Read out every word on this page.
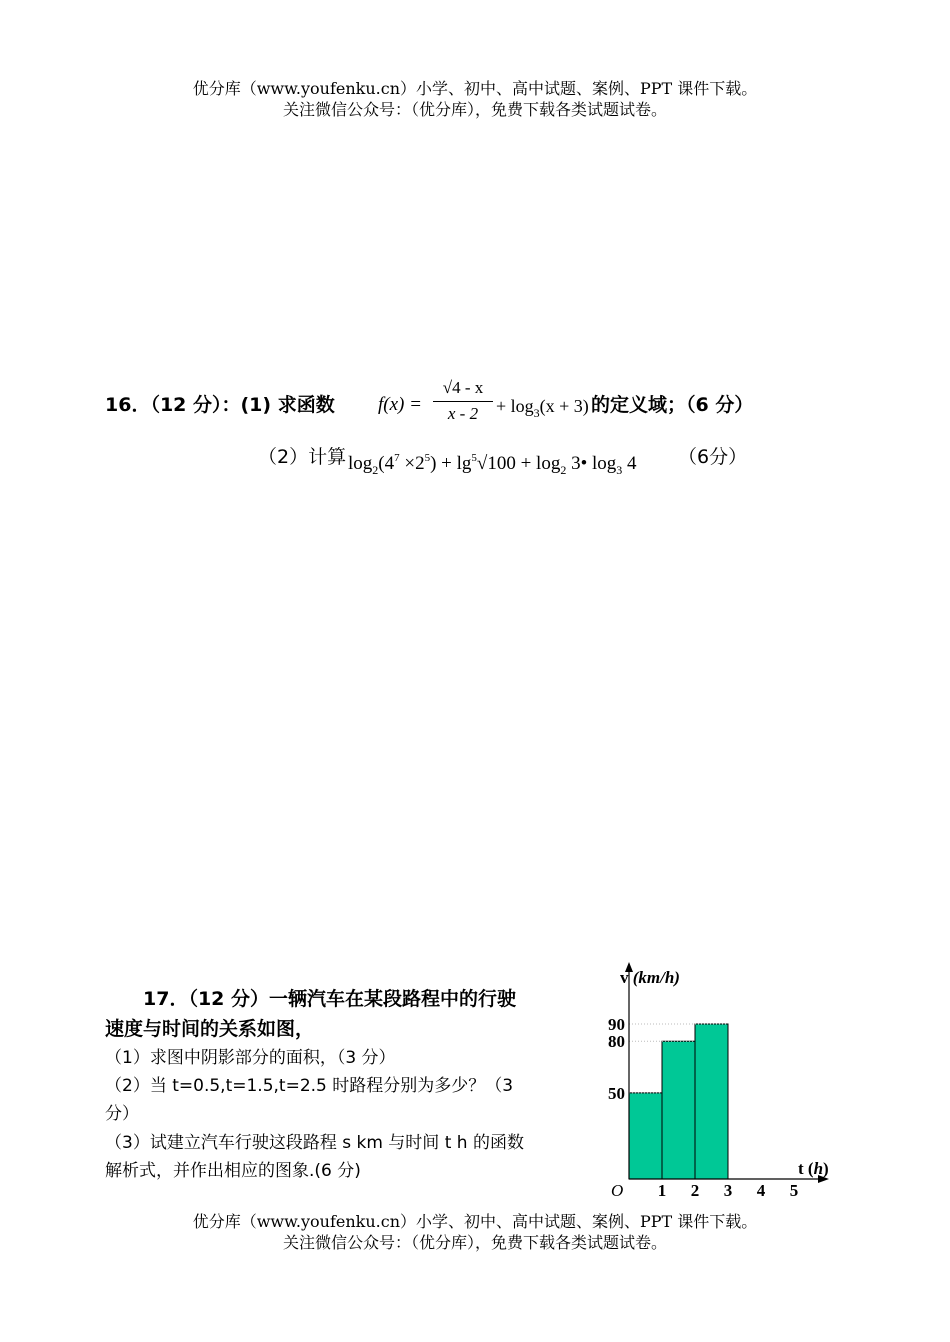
优分库（www.youfenku.cn）小学、初中、高中试题、案例、PPT 课件下载。
关注微信公众号：（优分库），免费下载各类试题试卷。
16．（12 分）：(1) 求函数 f(x) =
√4 - x
$x - 2 + \log_3(x + 3)$ 的定义域；（6 分）
（2）计算 $\log_2(4^7 \times 2^5) + \lg^5√100 + \log_2$ 3• $\log_3 4$ （6分）
17．（12 分）一辆汽车在某段路程中的行驶
速度与时间的关系如图，
（1）求图中阴影部分的面积，（3 分）
（2）当 t=0.5,t=1.5,t=2.5 时路程分别为多少？（3
分）
（3）试建立汽车行驶这段路程 s km 与时间 t h 的函数
解析式，并作出相应的图象.(6 分)
1 2 3 4 5
50
80
90
v (km/h)
t (h)
O
优分库（www.youfenku.cn）小学、初中、高中试题、案例、PPT 课件下载。
关注微信公众号：（优分库），免费下载各类试题试卷。
